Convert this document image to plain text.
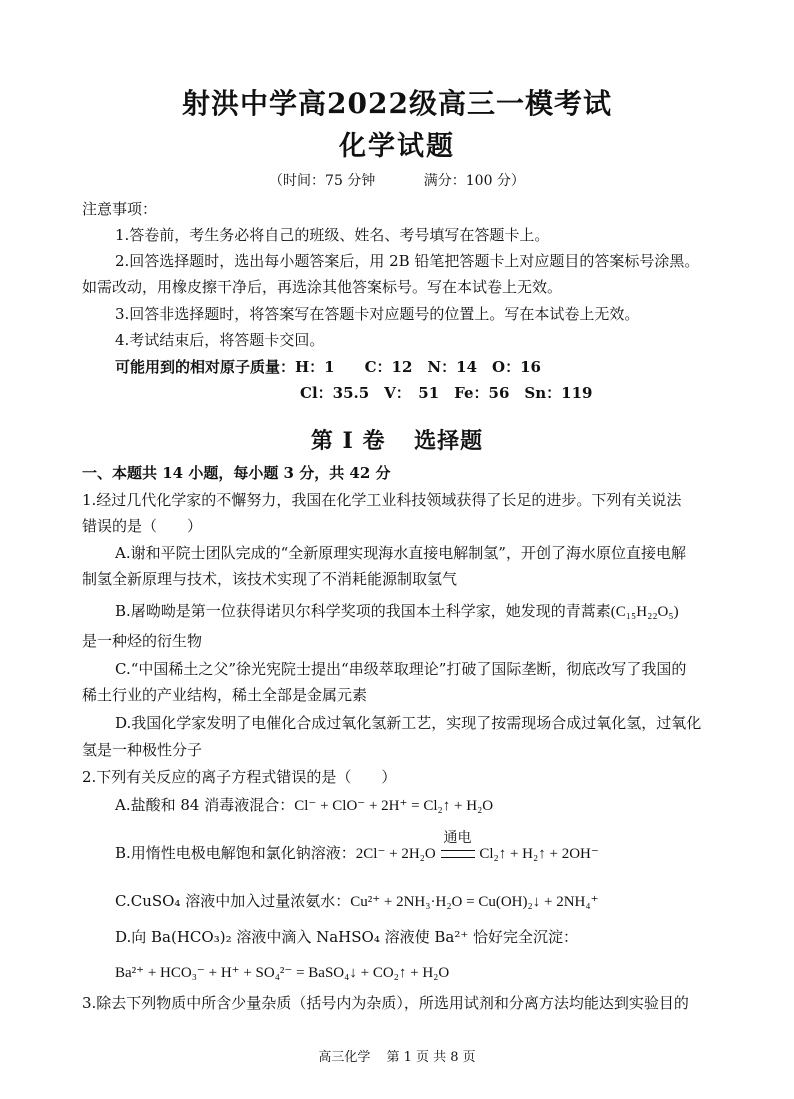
射洪中学高2022级高三一模考试
化学试题
（时间：75 分钟	满分：100 分）
注意事项：
1.答卷前，考生务必将自己的班级、姓名、考号填写在答题卡上。
2.回答选择题时，选出每小题答案后，用 2B 铅笔把答题卡上对应题目的答案标号涂黑。
如需改动，用橡皮擦干净后，再选涂其他答案标号。写在本试卷上无效。
3.回答非选择题时，将答案写在答题卡对应题号的位置上。写在本试卷上无效。
4.考试结束后，将答题卡交回。
可能用到的相对原子质量：H：1　　C：12　N：14　O：16
Cl：35.5　V：　51　Fe：56　Sn：119
第 I 卷 选择题
一、本题共 14 小题，每小题 3 分，共 42 分
1.经过几代化学家的不懈努力，我国在化学工业科技领域获得了长足的进步。下列有关说法
错误的是（　　）
A.谢和平院士团队完成的“全新原理实现海水直接电解制氢”，开创了海水原位直接电解
制氢全新原理与技术，该技术实现了不消耗能源制取氢气
B.屠呦呦是第一位获得诺贝尔科学奖项的我国本土科学家，她发现的青蒿素(C₁₅H₂₂O₅)
是一种烃的衍生物
C.“中国稀土之父”徐光宪院士提出“串级萃取理论”打破了国际垄断，彻底改写了我国的
稀土行业的产业结构，稀土全部是金属元素
D.我国化学家发明了电催化合成过氧化氢新工艺，实现了按需现场合成过氧化氢，过氧化
氢是一种极性分子
2.下列有关反应的离子方程式错误的是（　　）
A.盐酸和 84 消毒液混合：Cl⁻ + ClO⁻ + 2H⁺ = Cl₂↑ + H₂O
B.用惰性电极电解饱和氯化钠溶液：2Cl⁻ + 2H₂O
通电
Cl₂↑ + H₂↑ + 2OH⁻
C.CuSO₄ 溶液中加入过量浓氨水：Cu²⁺ + 2NH₃·H₂O = Cu(OH)₂↓ + 2NH₄⁺
D.向 Ba(HCO₃)₂ 溶液中滴入 NaHSO₄ 溶液使 Ba²⁺ 恰好完全沉淀：
Ba²⁺ + HCO₃⁻ + H⁺ + SO₄²⁻ = BaSO₄↓ + CO₂↑ + H₂O
3.除去下列物质中所含少量杂质（括号内为杂质），所选用试剂和分离方法均能达到实验目的
高三化学 第 1 页 共 8 页
